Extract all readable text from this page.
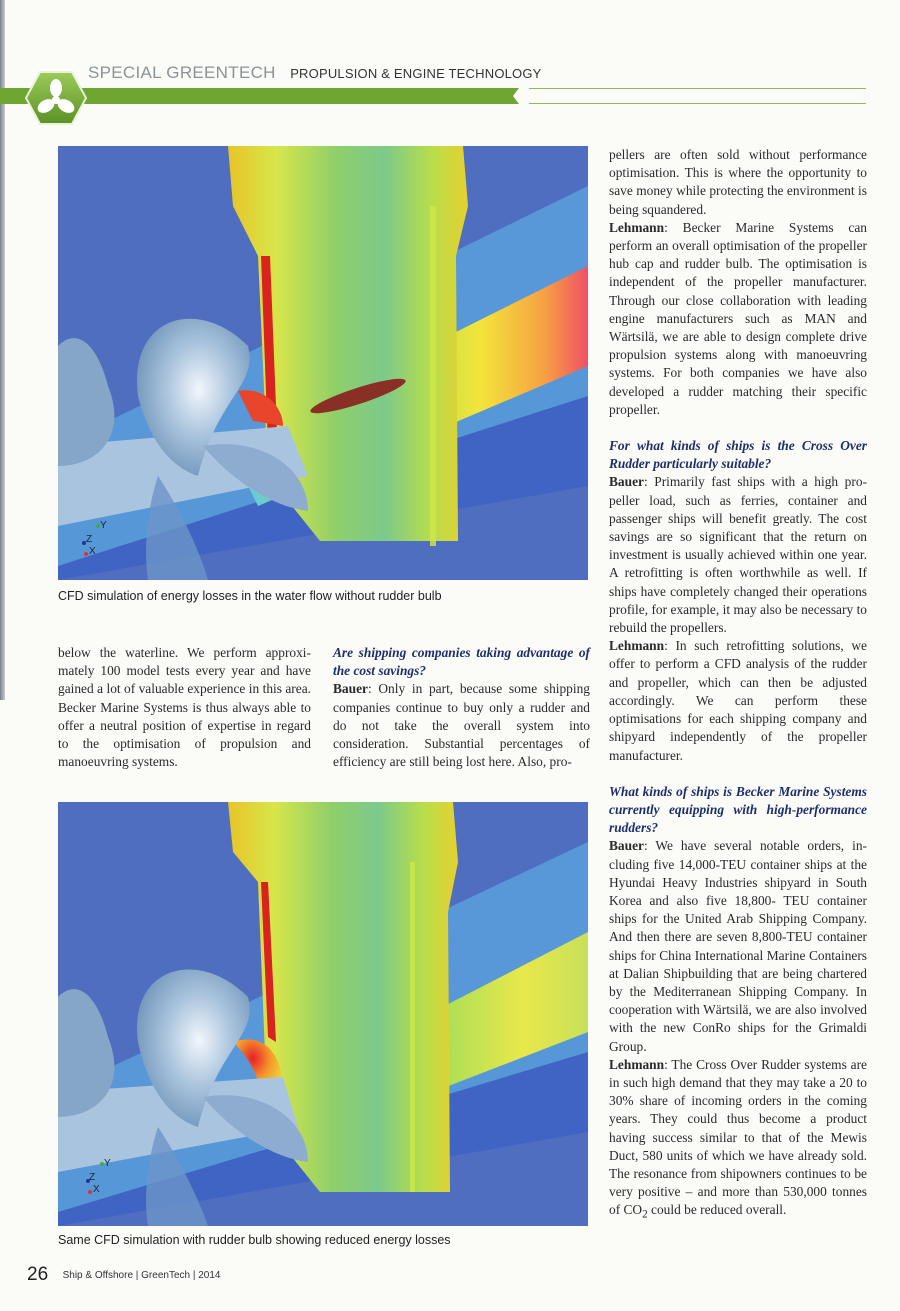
SPECIAL GREENTECH PROPULSION & ENGINE TECHNOLOGY
Y
Z
X
CFD simulation of energy losses in the water flow without rudder bulb
Y
Z
X
Same CFD simulation with rudder bulb showing reduced energy losses

below the waterline. We perform approximately 100 model tests every year and have gained a lot of valuable experience in this area. Becker Marine Systems is thus always able to offer a neutral position of expertise in regard to the optimisation of propulsion and manoeuvring systems.

Are shipping companies taking advantage of the cost savings?

Bauer: Only in part, because some shipping companies continue to buy only a rudder and do not take the overall system into consideration. Substantial percentages of efficiency are still being lost here. Also, pro-

pellers are often sold without performance optimisation. This is where the opportunity to save money while protecting the environment is being squandered.

Lehmann: Becker Marine Systems can perform an overall optimisation of the propeller hub cap and rudder bulb. The optimisation is independent of the propeller manufacturer. Through our close collaboration with leading engine manufacturers such as MAN and Wärtsilä, we are able to design complete drive propulsion systems along with manoeuvring systems. For both companies we have also developed a rudder matching their specific propeller.

For what kinds of ships is the Cross Over Rudder particularly suitable?

Bauer: Primarily fast ships with a high propeller load, such as ferries, container and passenger ships will benefit greatly. The cost savings are so significant that the return on investment is usually achieved within one year. A retrofitting is often worthwhile as well. If ships have completely changed their operations profile, for example, it may also be necessary to rebuild the propellers.

Lehmann: In such retrofitting solutions, we offer to perform a CFD analysis of the rudder and propeller, which can then be adjusted accordingly. We can perform these optimisations for each shipping company and shipyard independently of the propeller manufacturer.

What kinds of ships is Becker Marine Systems currently equipping with high-performance rudders?

Bauer: We have several notable orders, including five 14,000-TEU container ships at the Hyundai Heavy Industries shipyard in South Korea and also five 18,800- TEU container ships for the United Arab Shipping Company. And then there are seven 8,800-TEU container ships for China International Marine Containers at Dalian Shipbuilding that are being chartered by the Mediterranean Shipping Company. In cooperation with Wärtsilä, we are also involved with the new ConRo ships for the Grimaldi Group.

Lehmann: The Cross Over Rudder systems are in such high demand that they may take a 20 to 30% share of incoming orders in the coming years. They could thus become a product having success similar to that of the Mewis Duct, 580 units of which we have already sold. The resonance from shipowners continues to be very positive – and more than 530,000 tonnes of $CO_2$ could be reduced overall.

26 Ship & Offshore | GreenTech | 2014
